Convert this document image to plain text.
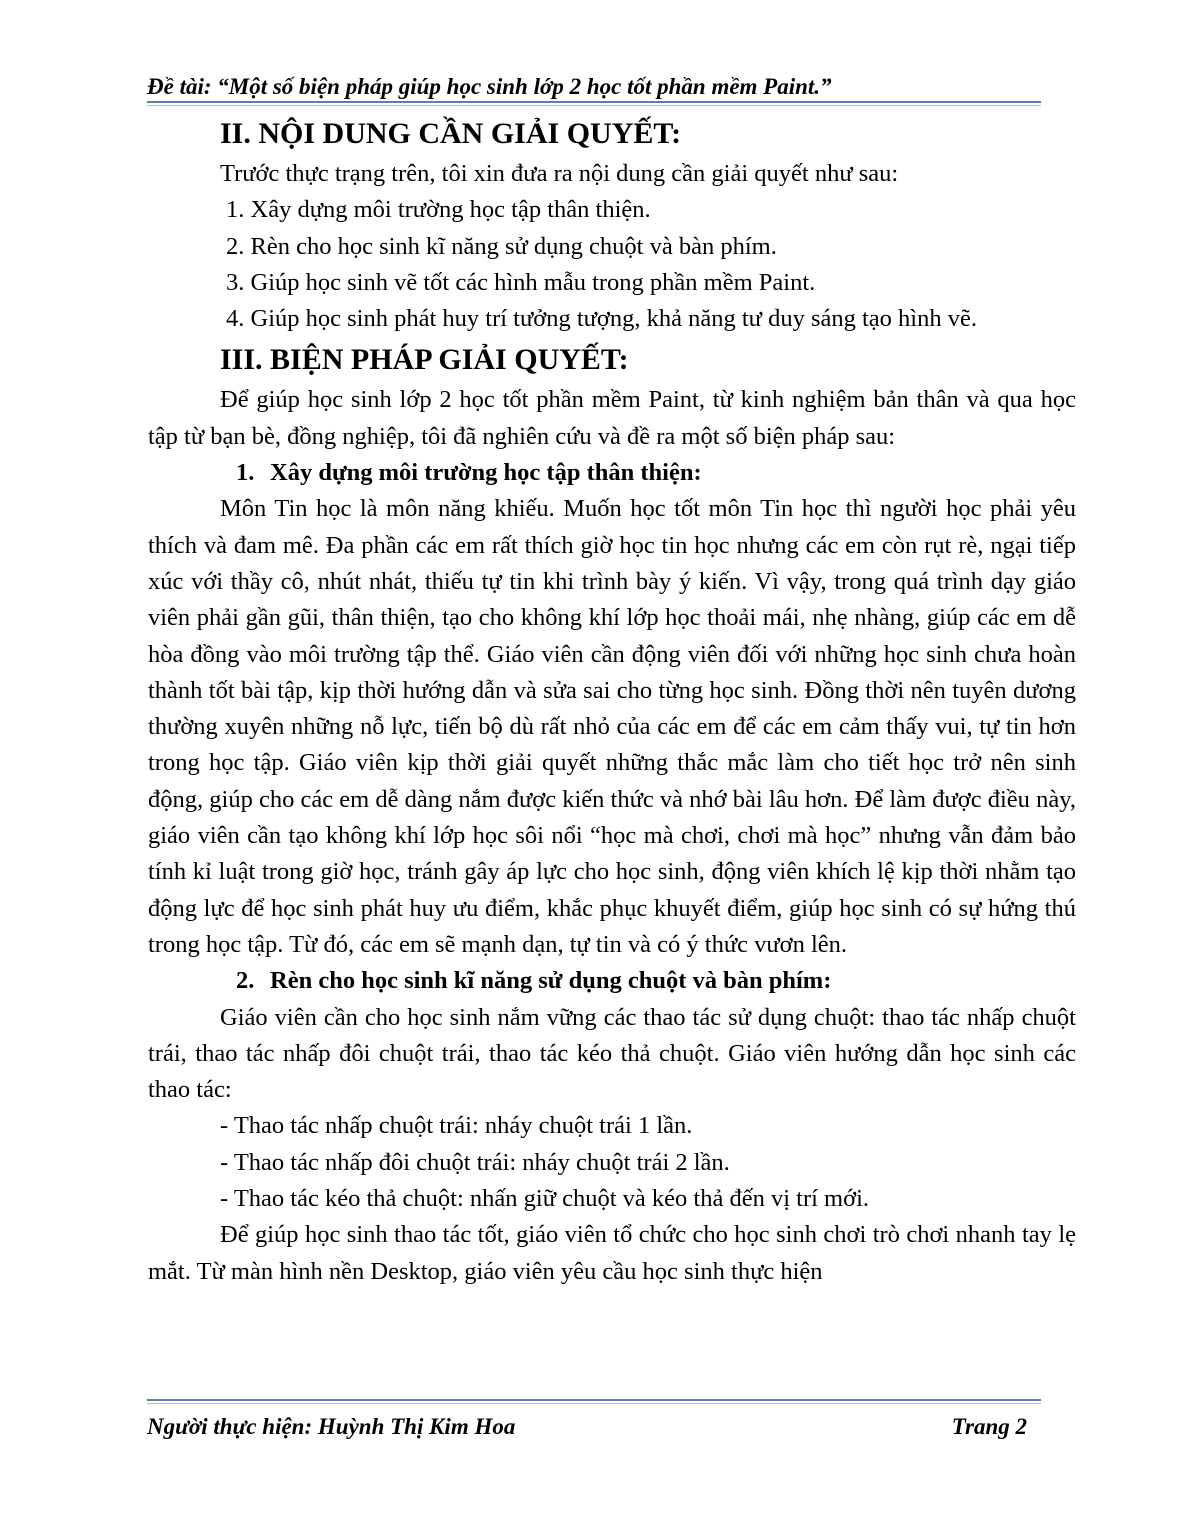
Đề tài: “Một số biện pháp giúp học sinh lớp 2 học tốt phần mềm Paint.”

II. NỘI DUNG CẦN GIẢI QUYẾT:

Trước thực trạng trên, tôi xin đưa ra nội dung cần giải quyết như sau:

1. Xây dựng môi trường học tập thân thiện.

2. Rèn cho học sinh kĩ năng sử dụng chuột và bàn phím.

3. Giúp học sinh vẽ tốt các hình mẫu trong phần mềm Paint.

4. Giúp học sinh phát huy trí tưởng tượng, khả năng tư duy sáng tạo hình vẽ.

III. BIỆN PHÁP GIẢI QUYẾT:

Để giúp học sinh lớp 2 học tốt phần mềm Paint, từ kinh nghiệm bản thân và qua học tập từ bạn bè, đồng nghiệp, tôi đã nghiên cứu và đề ra một số biện pháp sau:

1. Xây dựng môi trường học tập thân thiện:

Môn Tin học là môn năng khiếu. Muốn học tốt môn Tin học thì người học phải yêu thích và đam mê. Đa phần các em rất thích giờ học tin học nhưng các em còn rụt rè, ngại tiếp xúc với thầy cô, nhút nhát, thiếu tự tin khi trình bày ý kiến. Vì vậy, trong quá trình dạy giáo viên phải gần gũi, thân thiện, tạo cho không khí lớp học thoải mái, nhẹ nhàng, giúp các em dễ hòa đồng vào môi trường tập thể. Giáo viên cần động viên đối với những học sinh chưa hoàn thành tốt bài tập, kịp thời hướng dẫn và sửa sai cho từng học sinh. Đồng thời nên tuyên dương thường xuyên những nỗ lực, tiến bộ dù rất nhỏ của các em để các em cảm thấy vui, tự tin hơn trong học tập. Giáo viên kịp thời giải quyết những thắc mắc làm cho tiết học trở nên sinh động, giúp cho các em dễ dàng nắm được kiến thức và nhớ bài lâu hơn. Để làm được điều này, giáo viên cần tạo không khí lớp học sôi nổi “học mà chơi, chơi mà học” nhưng vẫn đảm bảo tính kỉ luật trong giờ học, tránh gây áp lực cho học sinh, động viên khích lệ kịp thời nhằm tạo động lực để học sinh phát huy ưu điểm, khắc phục khuyết điểm, giúp học sinh có sự hứng thú trong học tập. Từ đó, các em sẽ mạnh dạn, tự tin và có ý thức vươn lên.

2. Rèn cho học sinh kĩ năng sử dụng chuột và bàn phím:

Giáo viên cần cho học sinh nắm vững các thao tác sử dụng chuột: thao tác nhấp chuột trái, thao tác nhấp đôi chuột trái, thao tác kéo thả chuột. Giáo viên hướng dẫn học sinh các thao tác:

- Thao tác nhấp chuột trái: nháy chuột trái 1 lần.

- Thao tác nhấp đôi chuột trái: nháy chuột trái 2 lần.

- Thao tác kéo thả chuột: nhấn giữ chuột và kéo thả đến vị trí mới.

Để giúp học sinh thao tác tốt, giáo viên tổ chức cho học sinh chơi trò chơi nhanh tay lẹ mắt. Từ màn hình nền Desktop, giáo viên yêu cầu học sinh thực hiện

Người thực hiện: Huỳnh Thị Kim Hoa	Trang 2
